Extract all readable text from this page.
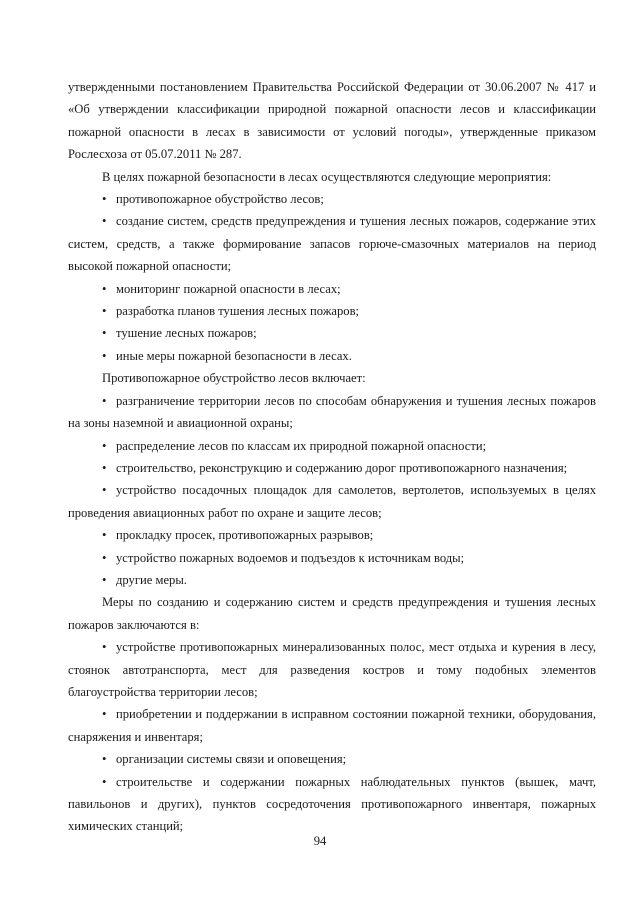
утвержденными постановлением Правительства Российской Федерации от 30.06.2007 № 417 и «Об утверждении классификации природной пожарной опасности лесов и классификации пожарной опасности в лесах в зависимости от условий погоды», утвержденные приказом Рослесхоза от 05.07.2011 № 287.

В целях пожарной безопасности в лесах осуществляются следующие мероприятия:

• противопожарное обустройство лесов;

• создание систем, средств предупреждения и тушения лесных пожаров, содержание этих систем, средств, а также формирование запасов горюче-смазочных материалов на период высокой пожарной опасности;

• мониторинг пожарной опасности в лесах;

• разработка планов тушения лесных пожаров;

• тушение лесных пожаров;

• иные меры пожарной безопасности в лесах.

Противопожарное обустройство лесов включает:

• разграничение территории лесов по способам обнаружения и тушения лесных пожаров на зоны наземной и авиационной охраны;

• распределение лесов по классам их природной пожарной опасности;

• строительство, реконструкцию и содержанию дорог противопожарного назначения;

• устройство посадочных площадок для самолетов, вертолетов, используемых в целях проведения авиационных работ по охране и защите лесов;

• прокладку просек, противопожарных разрывов;

• устройство пожарных водоемов и подъездов к источникам воды;

• другие меры.

Меры по созданию и содержанию систем и средств предупреждения и тушения лесных пожаров заключаются в:

• устройстве противопожарных минерализованных полос, мест отдыха и курения в лесу, стоянок автотранспорта, мест для разведения костров и тому подобных элементов благоустройства территории лесов;

• приобретении и поддержании в исправном состоянии пожарной техники, оборудования, снаряжения и инвентаря;

• организации системы связи и оповещения;

• строительстве и содержании пожарных наблюдательных пунктов (вышек, мачт, павильонов и других), пунктов сосредоточения противопожарного инвентаря, пожарных химических станций;

94
